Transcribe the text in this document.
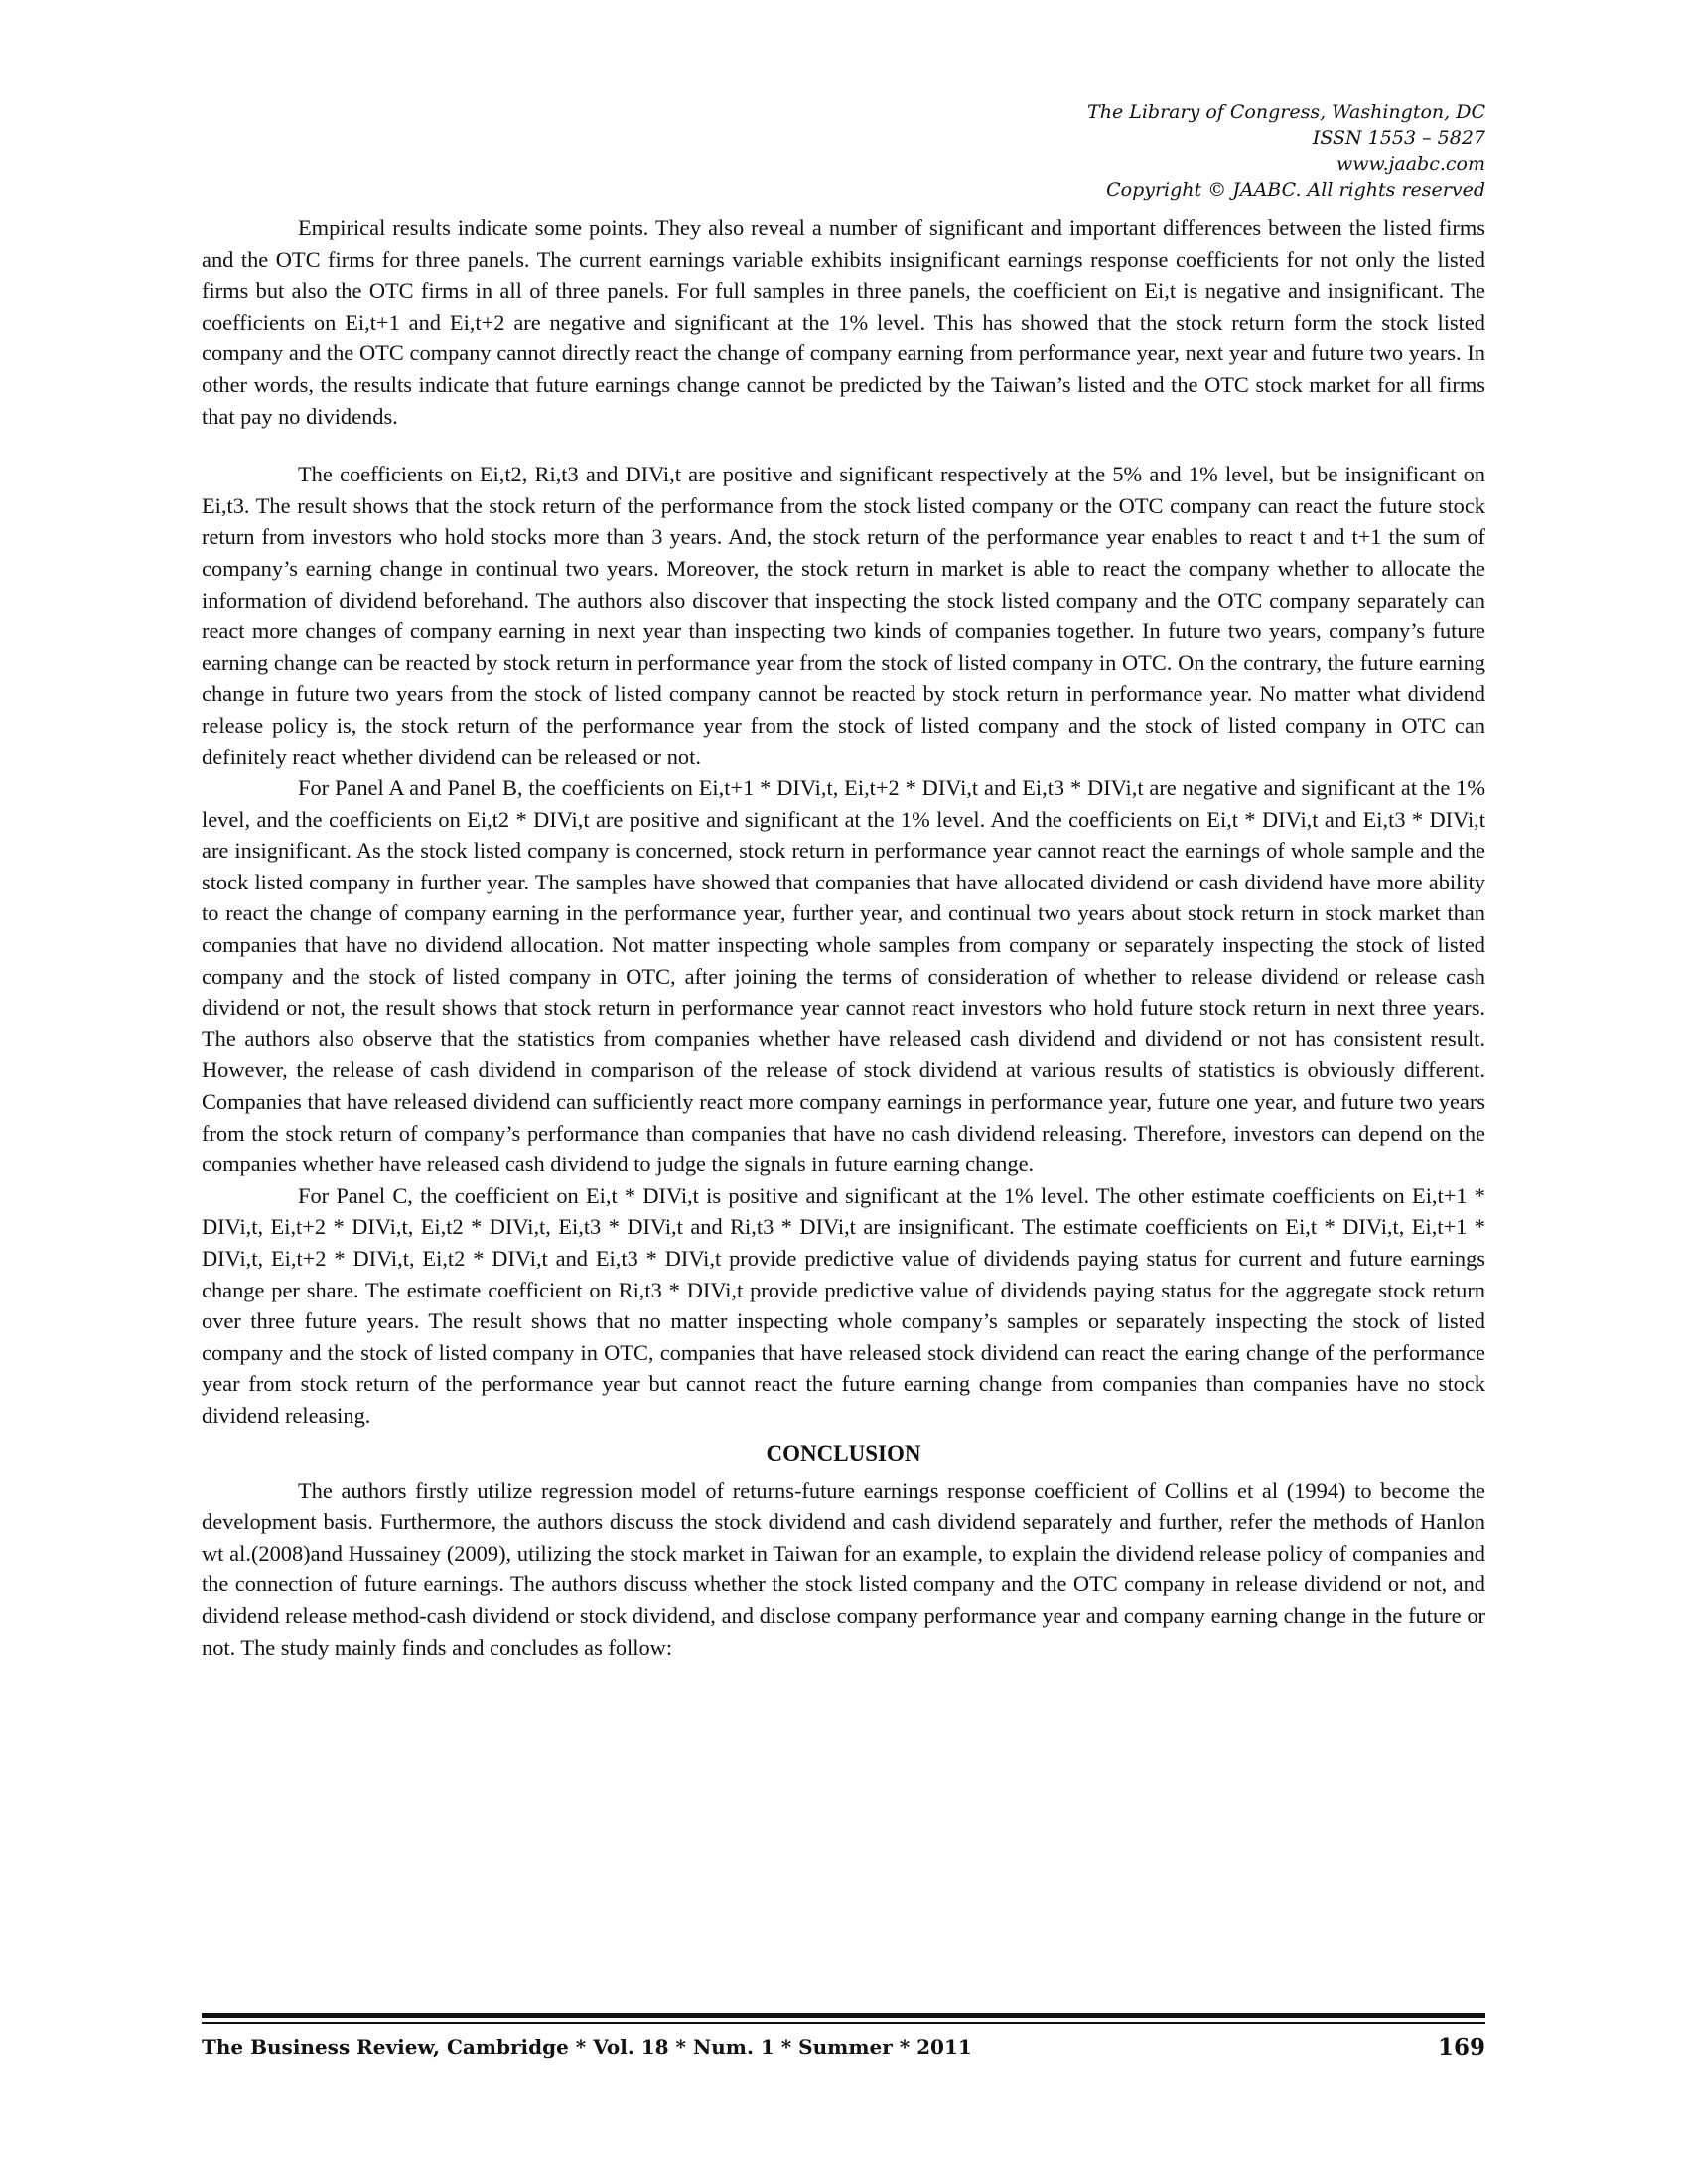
The Library of Congress, Washington, DC
ISSN 1553 – 5827
www.jaabc.com
Copyright © JAABC. All rights reserved

Empirical results indicate some points. They also reveal a number of significant and important differences between the listed firms and the OTC firms for three panels. The current earnings variable exhibits insignificant earnings response coefficients for not only the listed firms but also the OTC firms in all of three panels. For full samples in three panels, the coefficient on Ei,t is negative and insignificant. The coefficients on Ei,t+1 and Ei,t+2 are negative and significant at the 1% level. This has showed that the stock return form the stock listed company and the OTC company cannot directly react the change of company earning from performance year, next year and future two years. In other words, the results indicate that future earnings change cannot be predicted by the Taiwan’s listed and the OTC stock market for all firms that pay no dividends.

The coefficients on Ei,t2, Ri,t3 and DIVi,t are positive and significant respectively at the 5% and 1% level, but be insignificant on Ei,t3. The result shows that the stock return of the performance from the stock listed company or the OTC company can react the future stock return from investors who hold stocks more than 3 years. And, the stock return of the performance year enables to react t and t+1 the sum of company’s earning change in continual two years. Moreover, the stock return in market is able to react the company whether to allocate the information of dividend beforehand. The authors also discover that inspecting the stock listed company and the OTC company separately can react more changes of company earning in next year than inspecting two kinds of companies together. In future two years, company’s future earning change can be reacted by stock return in performance year from the stock of listed company in OTC. On the contrary, the future earning change in future two years from the stock of listed company cannot be reacted by stock return in performance year. No matter what dividend release policy is, the stock return of the performance year from the stock of listed company and the stock of listed company in OTC can definitely react whether dividend can be released or not.

For Panel A and Panel B, the coefficients on Ei,t+1 * DIVi,t, Ei,t+2 * DIVi,t and Ei,t3 * DIVi,t are negative and significant at the 1% level, and the coefficients on Ei,t2 * DIVi,t are positive and significant at the 1% level. And the coefficients on Ei,t * DIVi,t and Ei,t3 * DIVi,t are insignificant. As the stock listed company is concerned, stock return in performance year cannot react the earnings of whole sample and the stock listed company in further year. The samples have showed that companies that have allocated dividend or cash dividend have more ability to react the change of company earning in the performance year, further year, and continual two years about stock return in stock market than companies that have no dividend allocation. Not matter inspecting whole samples from company or separately inspecting the stock of listed company and the stock of listed company in OTC, after joining the terms of consideration of whether to release dividend or release cash dividend or not, the result shows that stock return in performance year cannot react investors who hold future stock return in next three years. The authors also observe that the statistics from companies whether have released cash dividend and dividend or not has consistent result. However, the release of cash dividend in comparison of the release of stock dividend at various results of statistics is obviously different. Companies that have released dividend can sufficiently react more company earnings in performance year, future one year, and future two years from the stock return of company’s performance than companies that have no cash dividend releasing. Therefore, investors can depend on the companies whether have released cash dividend to judge the signals in future earning change.

For Panel C, the coefficient on Ei,t * DIVi,t is positive and significant at the 1% level. The other estimate coefficients on Ei,t+1 * DIVi,t, Ei,t+2 * DIVi,t, Ei,t2 * DIVi,t, Ei,t3 * DIVi,t and Ri,t3 * DIVi,t are insignificant. The estimate coefficients on Ei,t * DIVi,t, Ei,t+1 * DIVi,t, Ei,t+2 * DIVi,t, Ei,t2 * DIVi,t and Ei,t3 * DIVi,t provide predictive value of dividends paying status for current and future earnings change per share. The estimate coefficient on Ri,t3 * DIVi,t provide predictive value of dividends paying status for the aggregate stock return over three future years. The result shows that no matter inspecting whole company’s samples or separately inspecting the stock of listed company and the stock of listed company in OTC, companies that have released stock dividend can react the earing change of the performance year from stock return of the performance year but cannot react the future earning change from companies than companies have no stock dividend releasing.

CONCLUSION

The authors firstly utilize regression model of returns-future earnings response coefficient of Collins et al (1994) to become the development basis. Furthermore, the authors discuss the stock dividend and cash dividend separately and further, refer the methods of Hanlon wt al.(2008)and Hussainey (2009), utilizing the stock market in Taiwan for an example, to explain the dividend release policy of companies and the connection of future earnings. The authors discuss whether the stock listed company and the OTC company in release dividend or not, and dividend release method-cash dividend or stock dividend, and disclose company performance year and company earning change in the future or not. The study mainly finds and concludes as follow:

The Business Review, Cambridge * Vol. 18 * Num. 1 * Summer * 2011	169
